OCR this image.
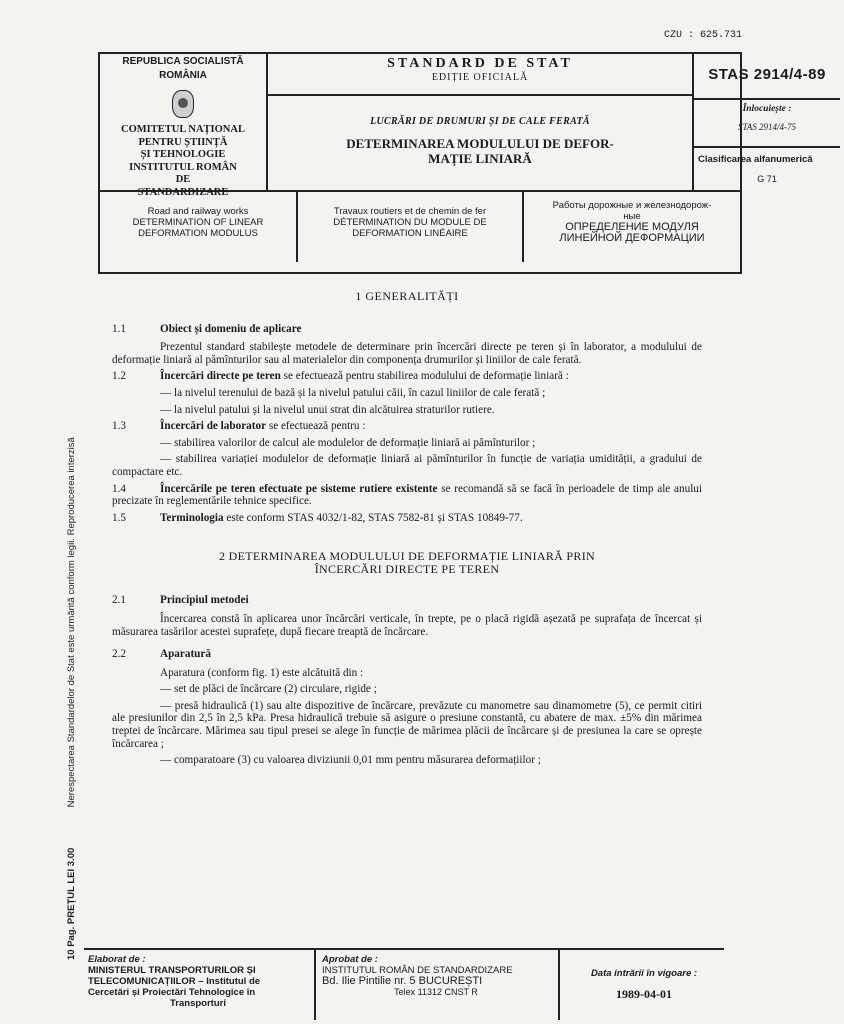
CZU : 625.731
REPUBLICA SOCIALISTĂ
ROMÂNIA
COMITETUL NAȚIONAL
PENTRU ȘTIINȚĂ
ȘI TEHNOLOGIE
INSTITUTUL ROMÂN
DE
STANDARDIZARE
STANDARD DE STAT
EDIȚIE OFICIALĂ
LUCRĂRI DE DRUMURI ȘI DE CALE FERATĂ
DETERMINAREA MODULULUI DE DEFOR-
MAȚIE LINIARĂ
STAS 2914/4-89
Înlocuiește :
STAS 2914/4-75
Clasificarea alfanumerică
G 71
Road and railway works
DETERMINATION OF LINEAR
DEFORMATION MODULUS
Travaux routiers et de chemin de fer
DÉTERMINATION DU MODULE DE
DEFORMATION LINÉAIRE
Работы дорожные и железнодорож-
ные
ОПРЕДЕЛЕНИЕ МОДУЛЯ
ЛИНЕЙНОЙ ДЕФОРМАЦИИ
10 Pag. PREȚUL LEI 3.00 Nerespectarea Standardelor de Stat este urmărită conform legii. Reproducerea interzisă
1 GENERALITĂȚI
1.1	Obiect și domeniu de aplicare

Prezentul standard stabilește metodele de determinare prin încercări directe pe teren și în laborator, a modulului de deformație liniară al pămînturilor sau al materialelor din componența drumurilor și liniilor de cale ferată.

1.2	Încercări directe pe teren se efectuează pentru stabilirea modulului de deformație liniară :

— la nivelul terenului de bază și la nivelul patului căii, în cazul liniilor de cale ferată ;

— la nivelul patului și la nivelul unui strat din alcătuirea straturilor rutiere.

1.3	Încercări de laborator se efectuează pentru :

— stabilirea valorilor de calcul ale modulelor de deformație liniară ai pămînturilor ;

— stabilirea variației modulelor de deformație liniară ai pămînturilor în funcție de variația umidității, a gradului de compactare etc.

1.4	Încercările pe teren efectuate pe sisteme rutiere existente se recomandă să se facă în perioadele de timp ale anului precizate în reglementările tehnice specifice.
1.5	Terminologia este conform STAS 4032/1-82, STAS 7582-81 și STAS 10849-77.
2 DETERMINAREA MODULULUI DE DEFORMAȚIE LINIARĂ PRIN
ÎNCERCĂRI DIRECTE PE TEREN
2.1	Principiul metodei

Încercarea constă în aplicarea unor încărcări verticale, în trepte, pe o placă rigidă așezată pe suprafața de încercat și măsurarea tasărilor acestei suprafețe, după fiecare treaptă de încărcare.

2.2	Aparatură

Aparatura (conform fig. 1) este alcătuită din :

— set de plăci de încărcare (2) circulare, rigide ;

— presă hidraulică (1) sau alte dispozitive de încărcare, prevăzute cu manometre sau dinamometre (5), ce permit citiri ale presiunilor din 2,5 în 2,5 kPa. Presa hidraulică trebuie să asigure o presiune constantă, cu abatere de max. ±5% din mărimea treptei de încărcare. Mărimea sau tipul presei se alege în funcție de mărimea plăcii de încărcare și de presiunea la care se oprește încărcarea ;

— comparatoare (3) cu valoarea diviziunii 0,01 mm pentru măsurarea deformațiilor ;

Elaborat de :
MINISTERUL TRANSPORTURILOR ȘI
TELECOMUNICAȚIILOR – Institutul de
Cercetări și Proiectări Tehnologice în
Transporturi
Aprobat de :
INSTITUTUL ROMÂN DE STANDARDIZARE
Bd. Ilie Pintilie nr. 5 BUCUREȘTI
Telex 11312 CNST R
Data intrării în vigoare :
1989-04-01
